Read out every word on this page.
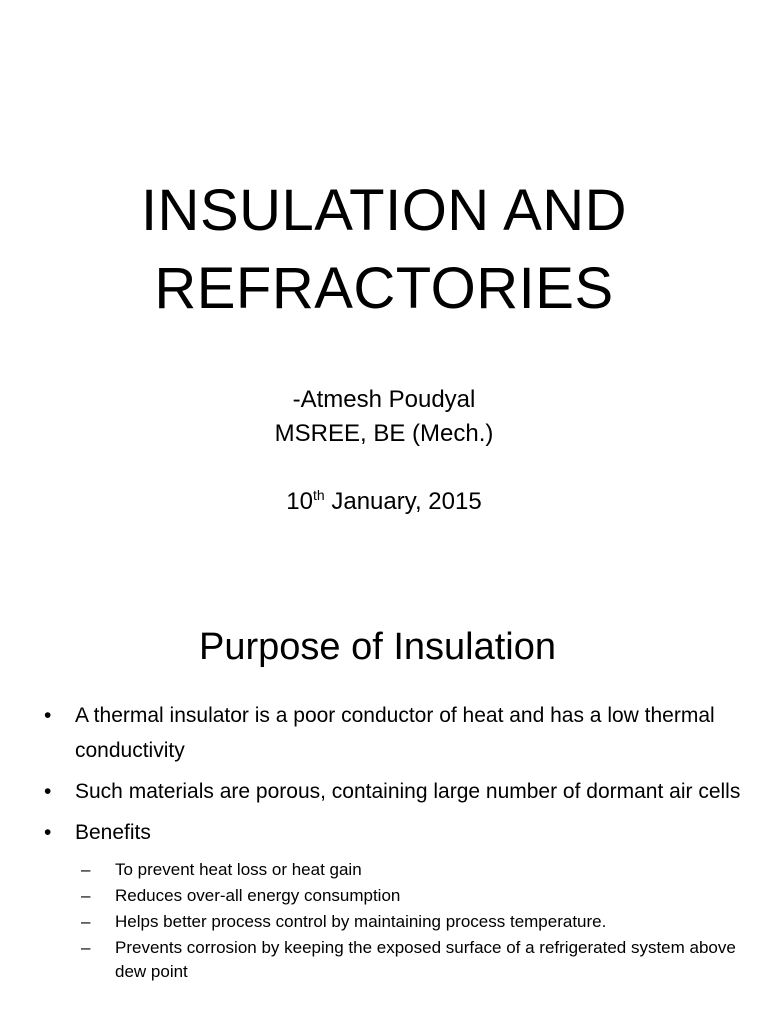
INSULATION AND
REFRACTORIES
-Atmesh Poudyal
MSREE, BE (Mech.)
10th January, 2015
Purpose of Insulation
• A thermal insulator is a poor conductor of heat and has a low thermal conductivity
• Such materials are porous, containing large number of dormant air cells
• Benefits
– To prevent heat loss or heat gain
– Reduces over-all energy consumption
– Helps better process control by maintaining process temperature.
– Prevents corrosion by keeping the exposed surface of a refrigerated system above dew point
